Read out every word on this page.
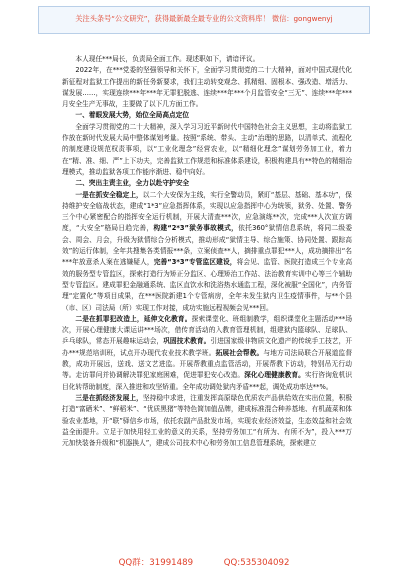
关注头条号“公文研究”，获得最新最全最专业的公文资料库！ 微信：gongwenyj

本人现任***局长，负责局全面工作。现述职如下，请谙评议。

2022年，在***党委的坚强领导和关怀下，全面学习贯彻党的二十大精神，面对中国式现代化新征程对监狱工作提出的新任务新要求，我们主动转变观念、抓精细、固根本、强改造、增活力、谋发展……，实现连续***年***年无罪犯脱逃、连续***年***个月监管安全“三无”、连续***年***月安全生产无事故，主要做了以下几方面工作。

一、着眼发展大势，始位全局高点定位

全面学习贯彻党的二十大精神，深入学习习近平新时代中国特色社会主义思想，主动将监狱工作放在新时代发展大局中整体谋划考量。按照“系统、带头、主动”治理的思路，以清单式、流程化的制度建设规范权责事项，以“工业化理念”经营农业，以“精细化理念”谋划劳务加工业，着力在“精、准、细、严”上下功夫，完善监狱工作规范和标准体系建设，积极构建具有**特色的精细治理模式，推动监狱各项工作能序渐进、稳中向好。

二、突出主责主业，全力以赴守护安全

一是在抓安全稳定上，以二个大安保为主线，实行全警动员，紧盯“基层、基础、基本功”，保持维护安全临战状态，建成“1*3”应急指挥体系，实现以应急指挥中心为统领，狱务、处置、警务三个中心紧密配合的指挥安全运行机制，开展大清查***次，应急演练**次，完成***人次宣方调度，“大安全”格局日趋完善，构建“2*3”狱务事故模式，依托360°狱情信息系统，将同二级委会、周会、月会，升级为狱情综合分析模式，推动形成“狱情主导、综合施策、协同处置、跟踪高效”的运行体制，全年共搜集各类情报***条，立案侦查**人，摘排重点罪犯***人，成功摘排出“名***年放意杀人案在逃嫌疑人，完善“3*3”专管监区建设，将会见、监管、医院打造成三个专业高效的服务型专管监区，探索打造行为矫正分监区、心理矫治工作站、法治教育实训中心等三个辅助型专管监区。建成罪犯金融通系统、监区直饮水和洗浴热水通监工程，深化被服“全国化”，内务管理“定置化”等项目成果，在***医院新建1个专管病房，全年未发生狱内卫生疫情事件，与**个县（市、区）司法局（所）实现工作对接，成功实施远程视频会见***回。

二是在抓罪犯改造上，延伸文化教育。探索课堂化、班组制教学，组织课堂化主题活动***场次，开展心理健康大课运讲***场次，借传育活动的入教育管理机制，组建狱内篮球队、足球队、乒乓球队，常态开展趣味运动会，巩固技术教育。引进国家级非物质文化遗产的传统手工技艺，开办***规范培训班，试点开办现代农业技术教学班。拓展社会帮教。与地方司法局联合开展道监督教，成功开展远，送戏、送文艺进监。开展帮教重点监管活动，开展帮教下访动，特别吊无行动等。走访罪问并协调解决罪犯家庭困难，促进罪犯安心改造。深化心理健康教育。实行咨询危机识目化转帮助制度，深入推进和攻坚矫重。全年成功调处狱内矛盾***起，调处成功率达**%。

三是在抓经济发展上，坚持稳中求进，注重发挥高原绿色优质农产品供给效在实出位置，积极打造“富硒米”、“鲜稻米”、“优质黑猪”等特色简加值品牌，建成标准混合种养基地、有机蔬菜和体验农业基地，开“联”驿信乡市场，依托农副产品批发市场，实现农业经济效益，生态效益和社会效益全面提升。立足于加快用轻工业的意义的关系，坚持劳务加工“有所为、有所不为”，投入***万元加快装备升级和“机器换人”，建成公司技术中心和劳务加工信息管理系统，探索建立

QQ群：31991489	QQ:535304092
